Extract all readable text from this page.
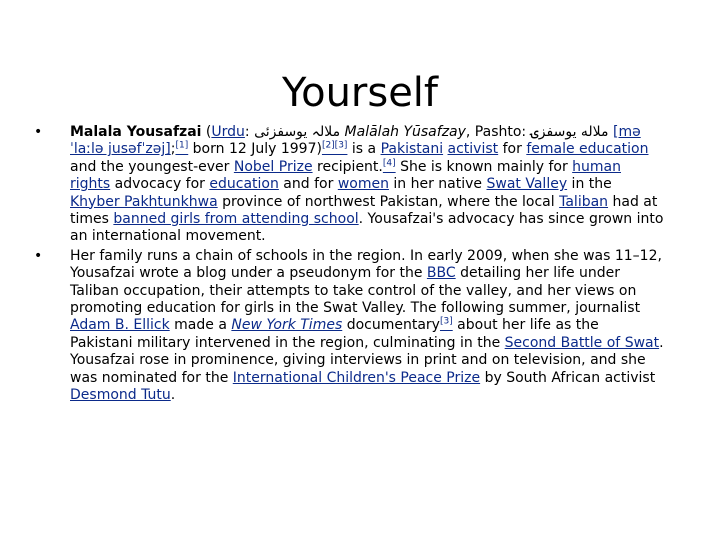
Yourself
• Malala Yousafzai (Urdu: ملالہ یوسفزئی Malālah Yūsafzay, Pashto: ملاله یوسفزۍ [məˈlaːlə jusəfˈzəj];[1] born 12 July 1997)[2][3] is a Pakistani activist for female education and the youngest-ever Nobel Prize recipient.[4] She is known mainly for human rights advocacy for education and for women in her native Swat Valley in the Khyber Pakhtunkhwa province of northwest Pakistan, where the local Taliban had at times banned girls from attending school. Yousafzai's advocacy has since grown into an international movement.
• Her family runs a chain of schools in the region. In early 2009, when she was 11–12, Yousafzai wrote a blog under a pseudonym for the BBC detailing her life under Taliban occupation, their attempts to take control of the valley, and her views on promoting education for girls in the Swat Valley. The following summer, journalist Adam B. Ellick made a New York Times documentary[3] about her life as the Pakistani military intervened in the region, culminating in the Second Battle of Swat. Yousafzai rose in prominence, giving interviews in print and on television, and she was nominated for the International Children's Peace Prize by South African activist Desmond Tutu.
